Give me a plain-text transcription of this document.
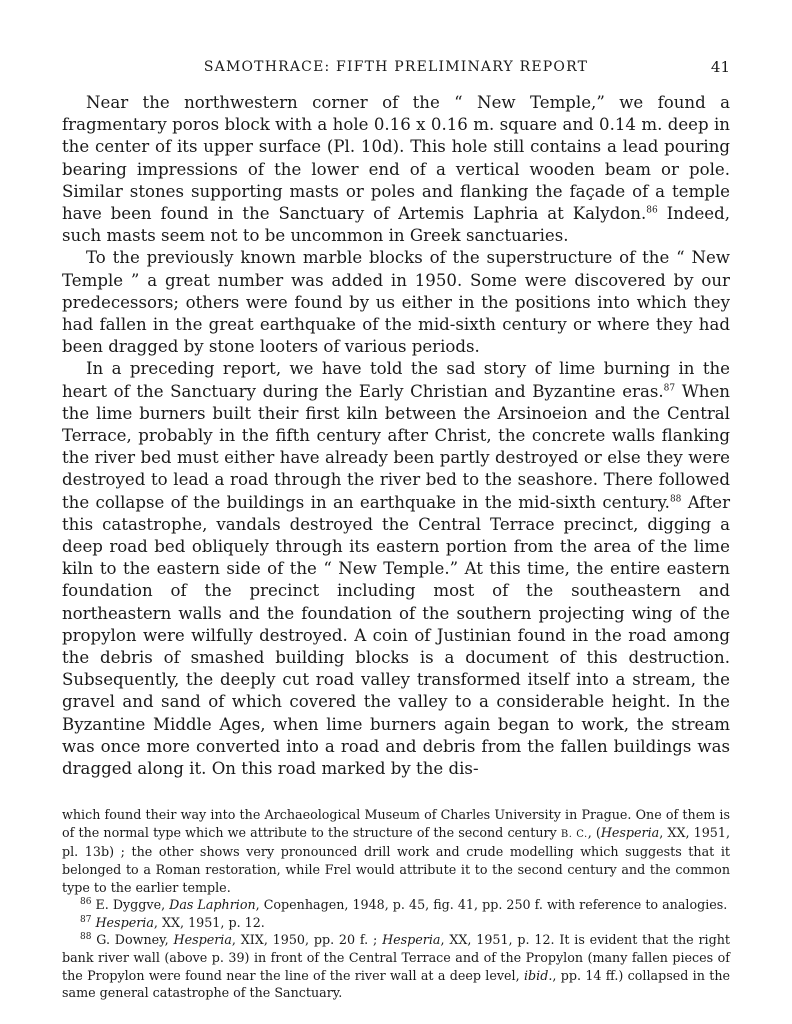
SAMOTHRACE: FIFTH PRELIMINARY REPORT	41

Near the northwestern corner of the “ New Temple,” we found a fragmentary poros block with a hole 0.16 x 0.16 m. square and 0.14 m. deep in the center of its upper surface (Pl. 10d). This hole still contains a lead pouring bearing impressions of the lower end of a vertical wooden beam or pole. Similar stones supporting masts or poles and flanking the façade of a temple have been found in the Sanctuary of Artemis Laphria at Kalydon.$^{86}$ Indeed, such masts seem not to be uncommon in Greek sanctuaries.

To the previously known marble blocks of the superstructure of the “ New Temple ” a great number was added in 1950. Some were discovered by our predecessors; others were found by us either in the positions into which they had fallen in the great earthquake of the mid-sixth century or where they had been dragged by stone looters of various periods.

In a preceding report, we have told the sad story of lime burning in the heart of the Sanctuary during the Early Christian and Byzantine eras.$^{87}$ When the lime burners built their first kiln between the Arsinoeion and the Central Terrace, probably in the fifth century after Christ, the concrete walls flanking the river bed must either have already been partly destroyed or else they were destroyed to lead a road through the river bed to the seashore. There followed the collapse of the buildings in an earthquake in the mid-sixth century.$^{88}$ After this catastrophe, vandals destroyed the Central Terrace precinct, digging a deep road bed obliquely through its eastern portion from the area of the lime kiln to the eastern side of the “ New Temple.” At this time, the entire eastern foundation of the precinct including most of the southeastern and northeastern walls and the foundation of the southern projecting wing of the propylon were wilfully destroyed. A coin of Justinian found in the road among the debris of smashed building blocks is a document of this destruction. Subsequently, the deeply cut road valley transformed itself into a stream, the gravel and sand of which covered the valley to a considerable height. In the Byzantine Middle Ages, when lime burners again began to work, the stream was once more converted into a road and debris from the fallen buildings was dragged along it. On this road marked by the dis-

which found their way into the Archaeological Museum of Charles University in Prague. One of them is of the normal type which we attribute to the structure of the second century B. C., (Hesperia, XX, 1951, pl. 13b) ; the other shows very pronounced drill work and crude modelling which suggests that it belonged to a Roman restoration, while Frel would attribute it to the second century and the common type to the earlier temple.

$^{86}$ E. Dyggve, Das Laphrion, Copenhagen, 1948, p. 45, fig. 41, pp. 250 f. with reference to analogies.

$^{87}$ Hesperia, XX, 1951, p. 12.

$^{88}$ G. Downey, Hesperia, XIX, 1950, pp. 20 f. ; Hesperia, XX, 1951, p. 12. It is evident that the right bank river wall (above p. 39) in front of the Central Terrace and of the Propylon (many fallen pieces of the Propylon were found near the line of the river wall at a deep level, ibid., pp. 14 ff.) collapsed in the same general catastrophe of the Sanctuary.
